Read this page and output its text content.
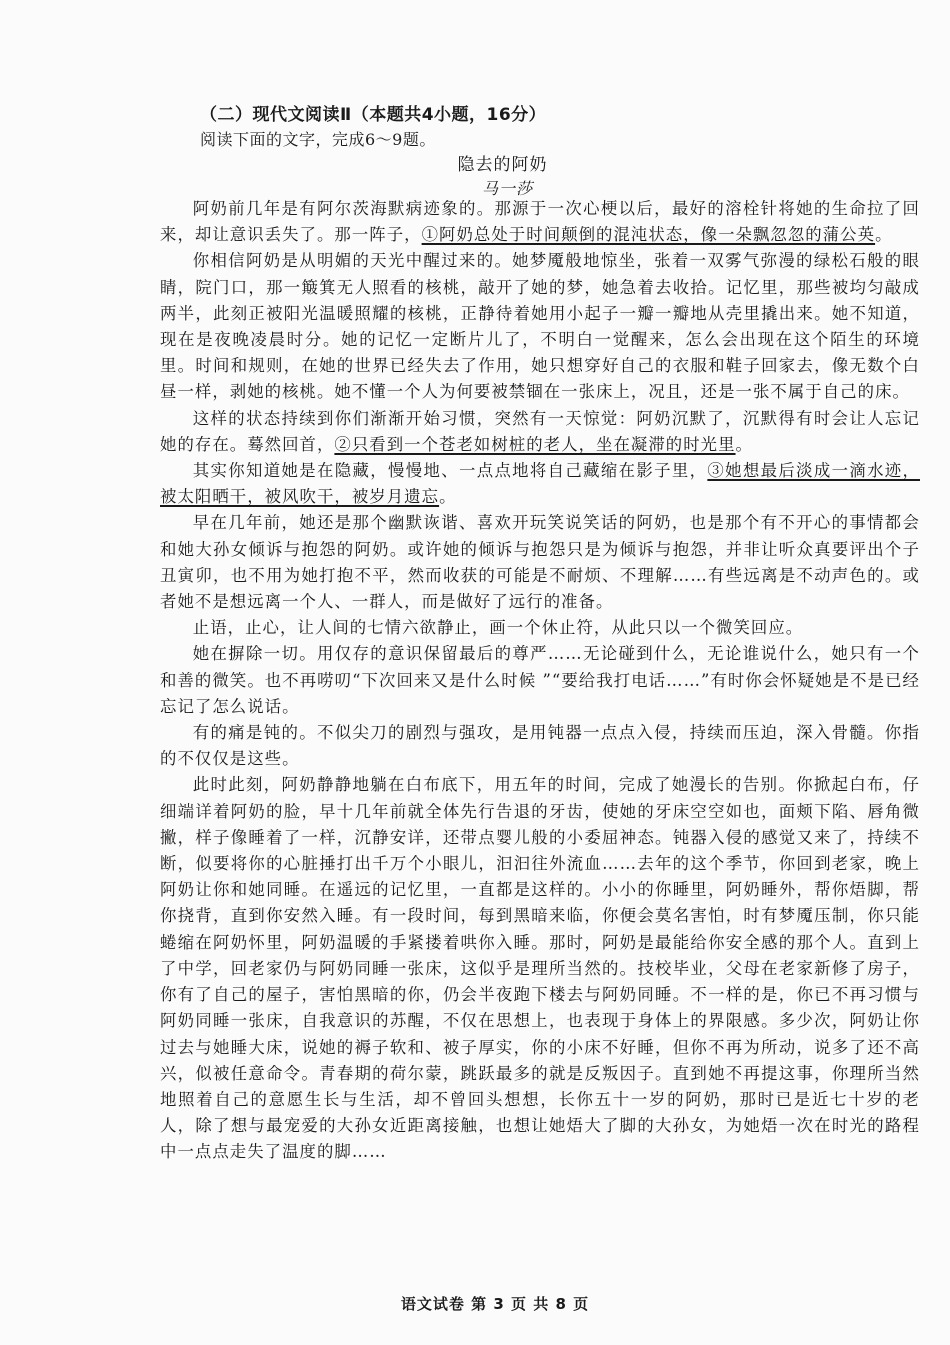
（二）现代文阅读Ⅱ（本题共4小题，16分）
阅读下面的文字，完成6～9题。
隐去的阿奶
马一莎

阿奶前几年是有阿尔茨海默病迹象的。那源于一次心梗以后，最好的溶栓针将她的生命拉了回来，却让意识丢失了。那一阵子，①阿奶总处于时间颠倒的混沌状态，像一朵飘忽忽的蒲公英。

你相信阿奶是从明媚的天光中醒过来的。她梦魇般地惊坐，张着一双雾气弥漫的绿松石般的眼睛，院门口，那一簸箕无人照看的核桃，敲开了她的梦，她急着去收拾。记忆里，那些被均匀敲成两半，此刻正被阳光温暖照耀的核桃，正静待着她用小起子一瓣一瓣地从壳里撬出来。她不知道，现在是夜晚凌晨时分。她的记忆一定断片儿了，不明白一觉醒来，怎么会出现在这个陌生的环境里。时间和规则，在她的世界已经失去了作用，她只想穿好自己的衣服和鞋子回家去，像无数个白昼一样，剥她的核桃。她不懂一个人为何要被禁锢在一张床上，况且，还是一张不属于自己的床。

这样的状态持续到你们渐渐开始习惯，突然有一天惊觉：阿奶沉默了，沉默得有时会让人忘记她的存在。蓦然回首，②只看到一个苍老如树桩的老人，坐在凝滞的时光里。

其实你知道她是在隐藏，慢慢地、一点点地将自己藏缩在影子里，③她想最后淡成一滴水迹，被太阳晒干，被风吹干，被岁月遗忘。

早在几年前，她还是那个幽默诙谐、喜欢开玩笑说笑话的阿奶，也是那个有不开心的事情都会和她大孙女倾诉与抱怨的阿奶。或许她的倾诉与抱怨只是为倾诉与抱怨，并非让听众真要评出个子丑寅卯，也不用为她打抱不平，然而收获的可能是不耐烦、不理解……有些远离是不动声色的。或者她不是想远离一个人、一群人，而是做好了远行的准备。

止语，止心，让人间的七情六欲静止，画一个休止符，从此只以一个微笑回应。

她在摒除一切。用仅存的意识保留最后的尊严……无论碰到什么，无论谁说什么，她只有一个和善的微笑。也不再唠叨“下次回来又是什么时候 ”“要给我打电话……”有时你会怀疑她是不是已经忘记了怎么说话。

有的痛是钝的。不似尖刀的剧烈与强攻，是用钝器一点点入侵，持续而压迫，深入骨髓。你指的不仅仅是这些。

此时此刻，阿奶静静地躺在白布底下，用五年的时间，完成了她漫长的告别。你掀起白布，仔细端详着阿奶的脸，早十几年前就全体先行告退的牙齿，使她的牙床空空如也，面颊下陷、唇角微撇，样子像睡着了一样，沉静安详，还带点婴儿般的小委屈神态。钝器入侵的感觉又来了，持续不断，似要将你的心脏捶打出千万个小眼儿，汩汩往外流血……去年的这个季节，你回到老家，晚上阿奶让你和她同睡。在遥远的记忆里，一直都是这样的。小小的你睡里，阿奶睡外，帮你焐脚，帮你挠背，直到你安然入睡。有一段时间，每到黑暗来临，你便会莫名害怕，时有梦魇压制，你只能蜷缩在阿奶怀里，阿奶温暖的手紧搂着哄你入睡。那时，阿奶是最能给你安全感的那个人。直到上了中学，回老家仍与阿奶同睡一张床，这似乎是理所当然的。技校毕业，父母在老家新修了房子，你有了自己的屋子，害怕黑暗的你，仍会半夜跑下楼去与阿奶同睡。不一样的是，你已不再习惯与阿奶同睡一张床，自我意识的苏醒，不仅在思想上，也表现于身体上的界限感。多少次，阿奶让你过去与她睡大床，说她的褥子软和、被子厚实，你的小床不好睡，但你不再为所动，说多了还不高兴，似被任意命令。青春期的荷尔蒙，跳跃最多的就是反叛因子。直到她不再提这事，你理所当然地照着自己的意愿生长与生活，却不曾回头想想，长你五十一岁的阿奶，那时已是近七十岁的老人，除了想与最宠爱的大孙女近距离接触，也想让她焐大了脚的大孙女，为她焐一次在时光的路程中一点点走失了温度的脚……

语文试卷 第 3 页 共 8 页
